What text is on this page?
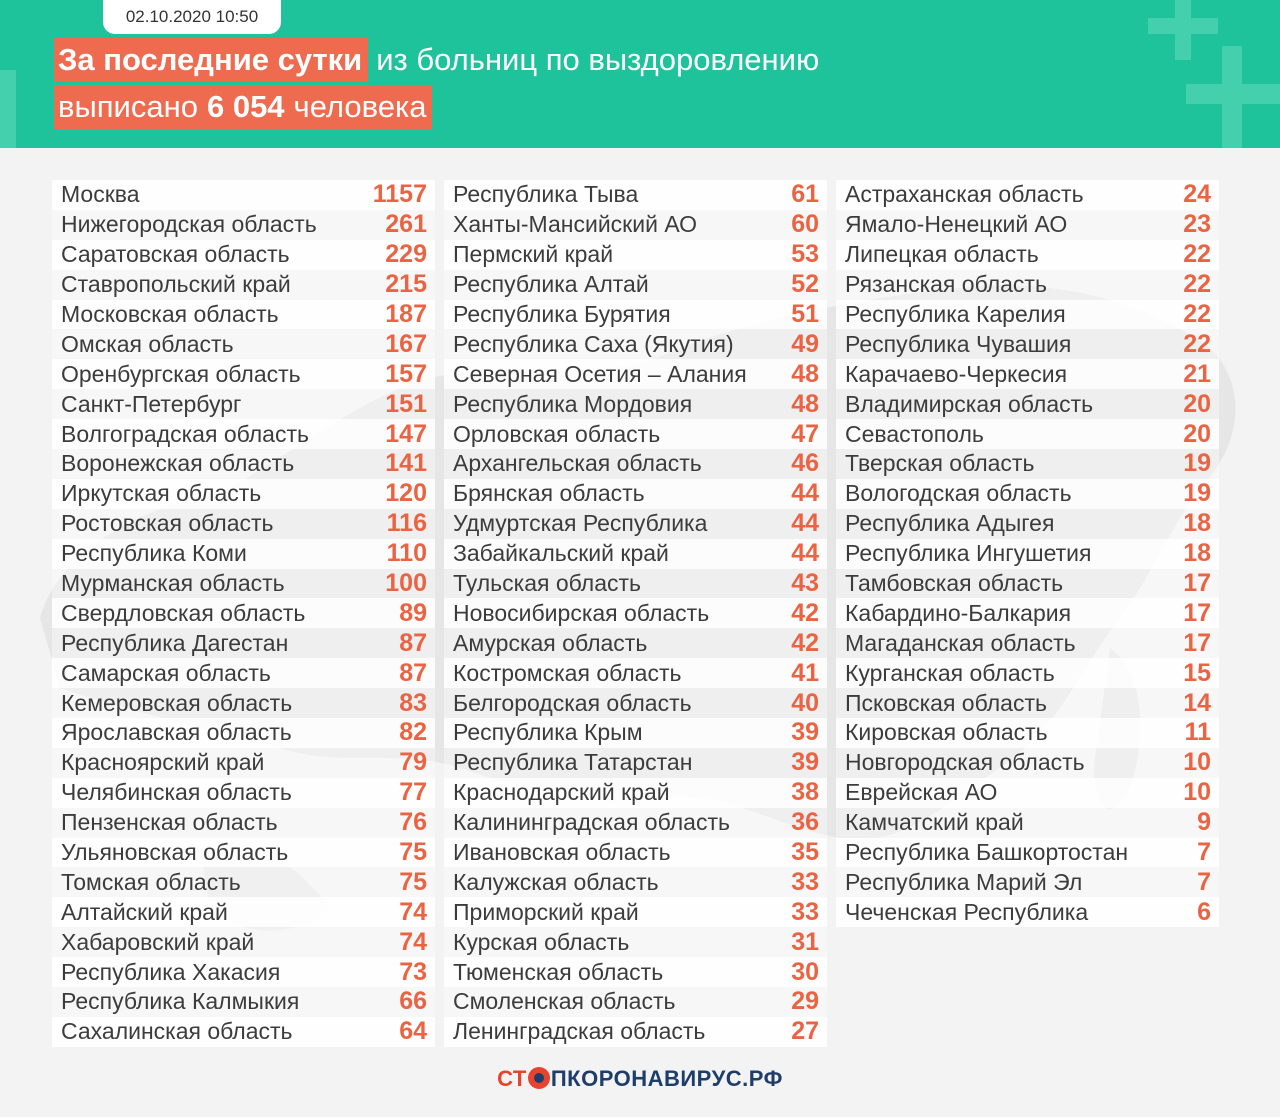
02.10.2020 10:50
За последние сутки из больниц по выздоровлению
выписано 6 054 человека
Москва	1157
Нижегородская область	261
Саратовская область	229
Ставропольский край	215
Московская область	187
Омская область	167
Оренбургская область	157
Санкт-Петербург	151
Волгоградская область	147
Воронежская область	141
Иркутская область	120
Ростовская область	116
Республика Коми	110
Мурманская область	100
Свердловская область	89
Республика Дагестан	87
Самарская область	87
Кемеровская область	83
Ярославская область	82
Красноярский край	79
Челябинская область	77
Пензенская область	76
Ульяновская область	75
Томская область	75
Алтайский край	74
Хабаровский край	74
Республика Хакасия	73
Республика Калмыкия	66
Сахалинская область	64
Республика Тыва	61
Ханты-Мансийский АО	60
Пермский край	53
Республика Алтай	52
Республика Бурятия	51
Республика Саха (Якутия) 49
Северная Осетия – Алания 48
Республика Мордовия	48
Орловская область	47
Архангельская область	46
Брянская область	44
Удмуртская Республика	44
Забайкальский край	44
Тульская область	43
Новосибирская область	42
Амурская область	42
Костромская область	41
Белгородская область	40
Республика Крым	39
Республика Татарстан	39
Краснодарский край	38
Калининградская область 36
Ивановская область	35
Калужская область	33
Приморский край	33
Курская область	31
Тюменская область	30
Смоленская область	29
Ленинградская область	27
Астраханская область	24
Ямало-Ненецкий АО	23
Липецкая область	22
Рязанская область	22
Республика Карелия	22
Республика Чувашия	22
Карачаево-Черкесия	21
Владимирская область	20
Севастополь	20
Тверская область	19
Вологодская область	19
Республика Адыгея	18
Республика Ингушетия	18
Тамбовская область	17
Кабардино-Балкария	17
Магаданская область	17
Курганская область	15
Псковская область	14
Кировская область	11
Новгородская область	10
Еврейская АО	10
Камчатский край	9
Республика Башкортостан	7
Республика Марий Эл	7
Чеченская Республика	6
СТ ПКОРОНАВИРУС.РФ
